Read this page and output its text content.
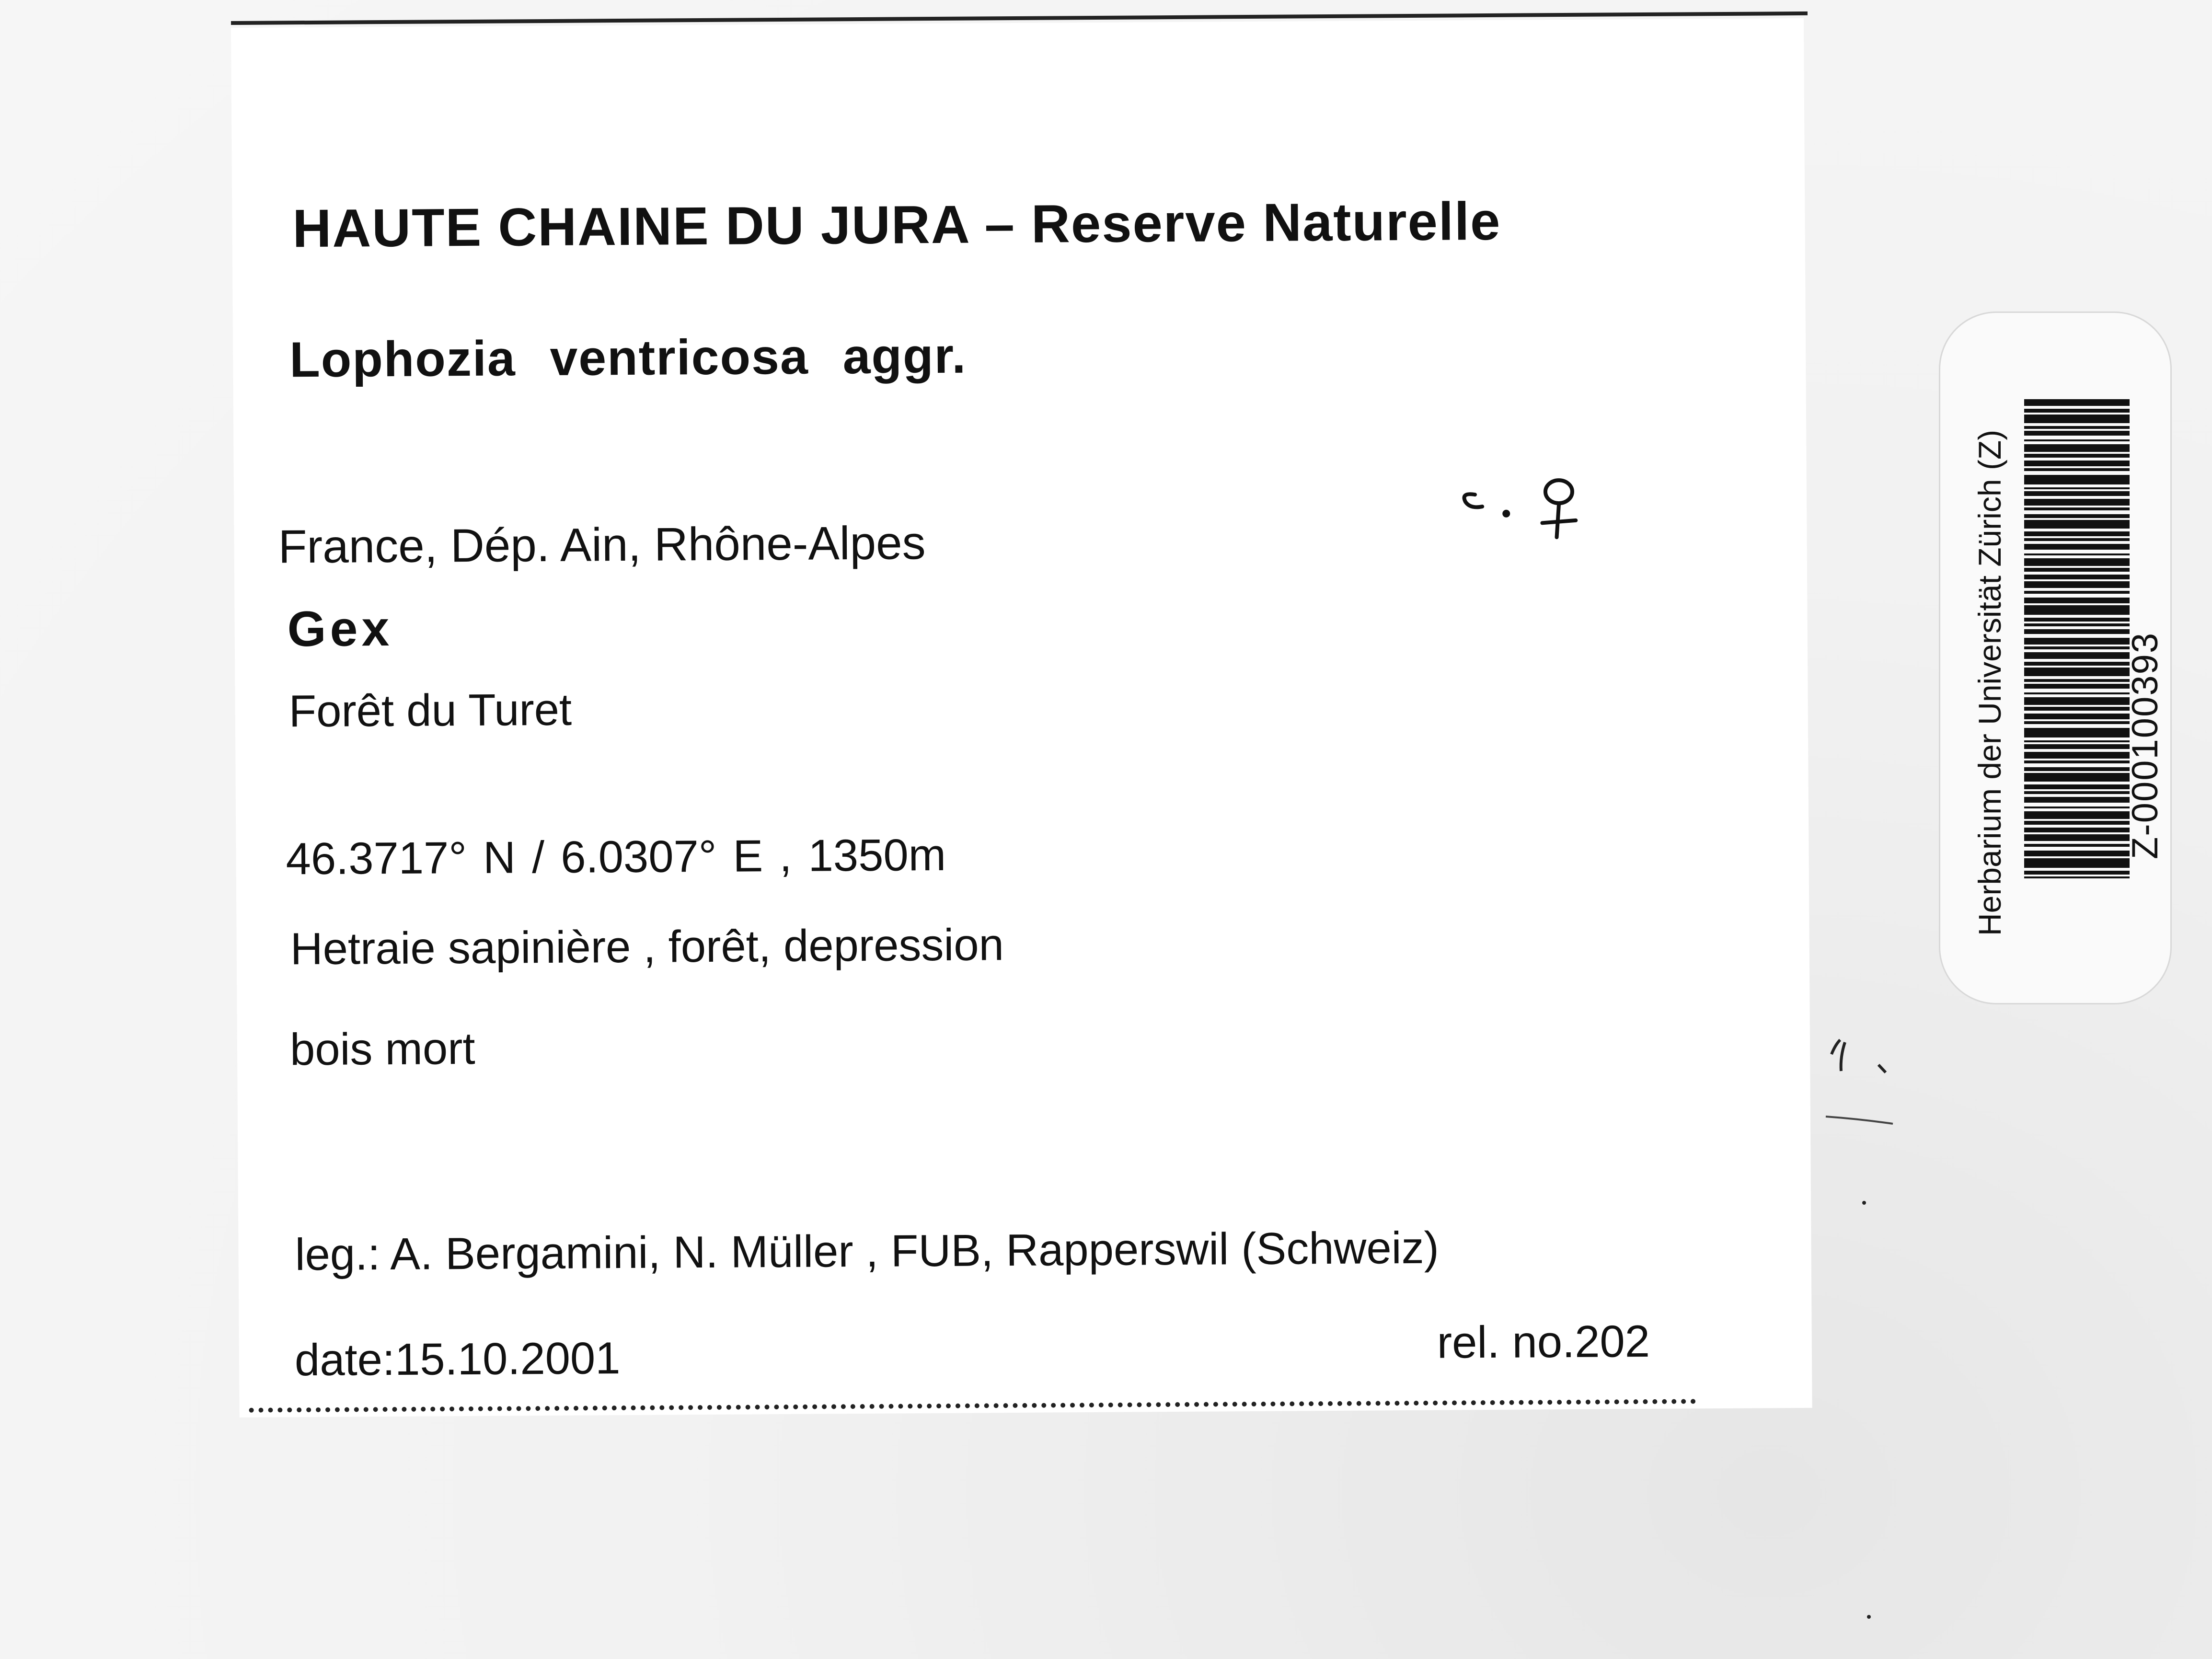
HAUTE CHAINE DU JURA – Reserve Naturelle
Lophozia ventricosa aggr.
France, Dép. Ain, Rhône-Alpes
Gex
Forêt du Turet
46.3717° N / 6.0307° E , 1350m
Hetraie sapinière , forêt, depression
bois mort
leg.: A. Bergamini, N. Müller , FUB, Rapperswil (Schweiz)
date:15.10.2001	rel. no.202
Herbarium der Universität Zürich (Z)	Z-000100393
